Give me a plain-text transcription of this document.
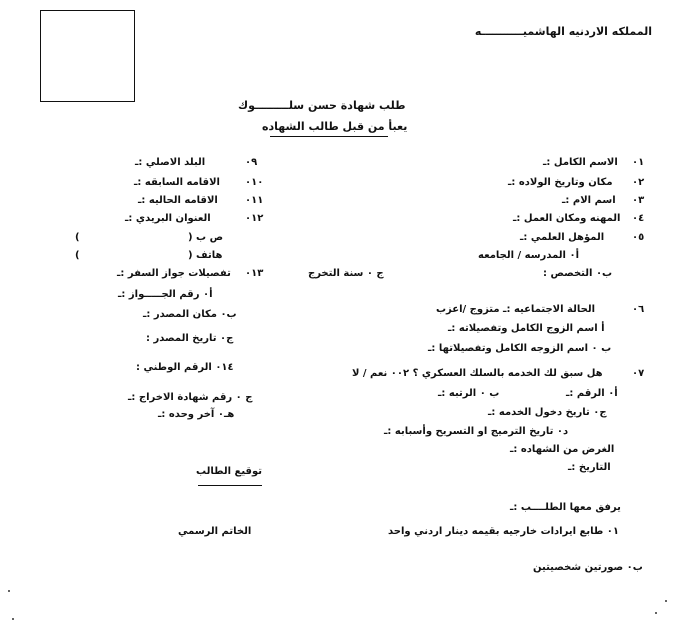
المملكه الاردنيه الهاشميـــــــــــه
طلب شهادة حسن سلـــــــــوك
يعبأ من قبل طالب الشهاده
٠١
الاسم الكامل :ـ
٠٢
مكان وتاريخ الولاده :ـ
٠٣
اسم الام :ـ
٠٤
المهنه ومكان العمل :ـ
٠٥
المؤهل العلمي :ـ
أ٠ المدرسه / الجامعه
ب٠ التخصص :
ج ٠ سنة التخرج
٠٦
الحالة الاجتماعيه :ـ متزوج /اعزب
أ اسم الزوج الكامل وتفصيلاته :ـ
ب ٠ اسم الزوجه الكامل وتفصيلاتها :ـ
٠٧
هل سبق لك الخدمه بالسلك العسكري ؟ ٠٠٢ نعم / لا
أ٠ الرقم :ـ
ب ٠ الرتبه :ـ
ج٠ تاريخ دخول الخدمه :ـ
د٠ تاريخ الترميج او التسريح وأسبابه :ـ
الغرض من الشهاده :ـ
التاريخ :ـ
٠٩
البلد الاصلي :ـ
٠١٠
الاقامه السابقه :ـ
٠١١
الاقامه الحاليه :ـ
٠١٢
العنوان البريدي :ـ
ص ب (
)
هاتف (
)
٠١٣
تفصيلات جواز السفر :ـ
أ٠ رقم الجـــــواز :ـ
ب٠ مكان المصدر :ـ
ج٠ تاريخ المصدر :
٠١٤ الرقم الوطني :
ج ٠ رقم شهادة الاخراج :ـ
هـ٠ آخر وحده :ـ
توقيع الطالب
يرفق معها الطلــــب :ـ
٠١ طابع ايرادات خارجيه بقيمه دينار اردني واحد
الخاتم الرسمي
ب٠ صورتين شخصيتين
